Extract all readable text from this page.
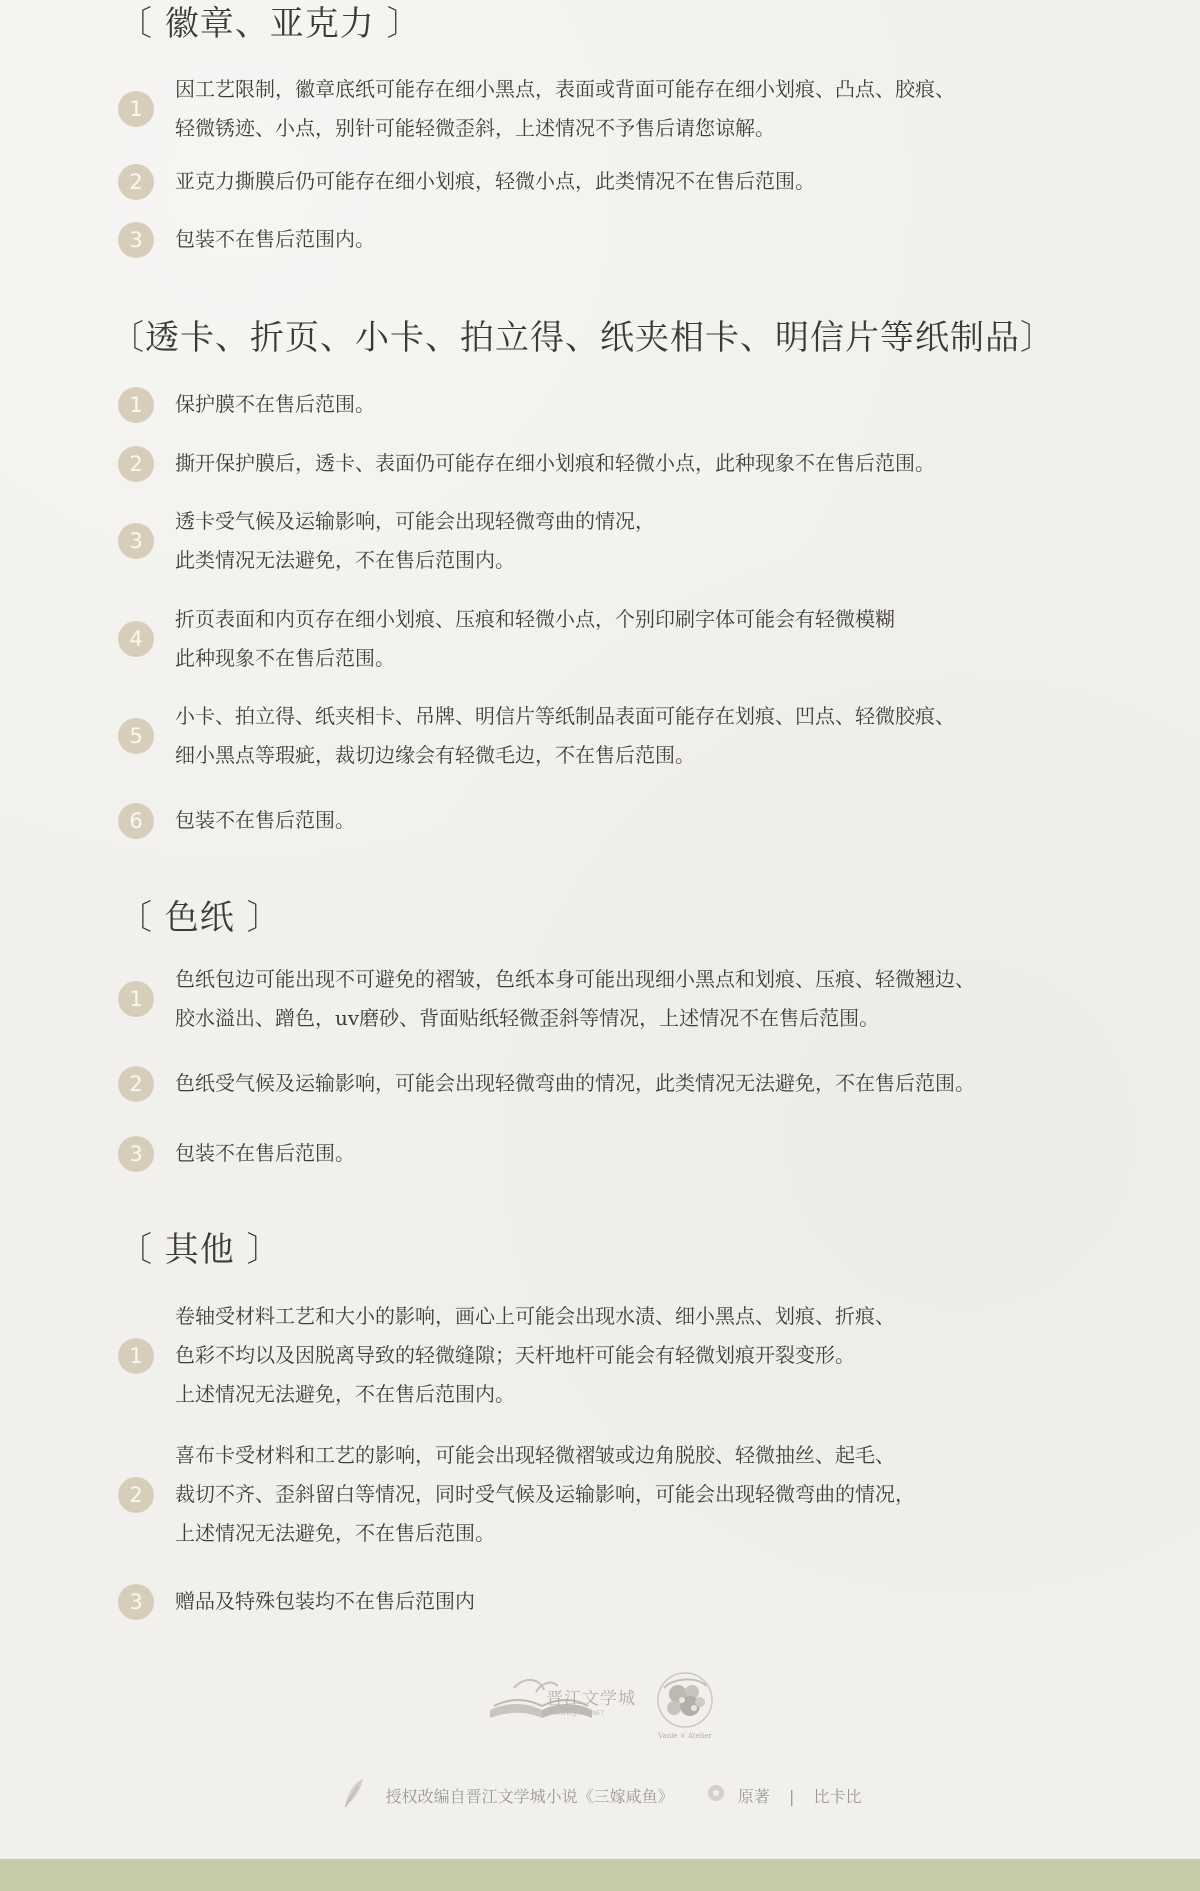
〔 徽章、亚克力 〕
1
因工艺限制，徽章底纸可能存在细小黑点，表面或背面可能存在细小划痕、凸点、胶痕、
轻微锈迹、小点，别针可能轻微歪斜，上述情况不予售后请您谅解。
2	亚克力撕膜后仍可能存在细小划痕，轻微小点，此类情况不在售后范围。
3	包装不在售后范围内。
〔透卡、折页、小卡、拍立得、纸夹相卡、明信片等纸制品〕
1	保护膜不在售后范围。
2	撕开保护膜后，透卡、表面仍可能存在细小划痕和轻微小点，此种现象不在售后范围。
3
透卡受气候及运输影响，可能会出现轻微弯曲的情况，
此类情况无法避免，不在售后范围内。
4
折页表面和内页存在细小划痕、压痕和轻微小点，个别印刷字体可能会有轻微模糊
此种现象不在售后范围。
5
小卡、拍立得、纸夹相卡、吊牌、明信片等纸制品表面可能存在划痕、凹点、轻微胶痕、
细小黑点等瑕疵，裁切边缘会有轻微毛边，不在售后范围。
6	包装不在售后范围。
〔 色纸 〕
1
色纸包边可能出现不可避免的褶皱，色纸本身可能出现细小黑点和划痕、压痕、轻微翘边、
胶水溢出、蹭色，uv磨砂、背面贴纸轻微歪斜等情况，上述情况不在售后范围。
2	色纸受气候及运输影响，可能会出现轻微弯曲的情况，此类情况无法避免，不在售后范围。
3	包装不在售后范围。
〔 其他 〕
1
卷轴受材料工艺和大小的影响，画心上可能会出现水渍、细小黑点、划痕、折痕、
色彩不均以及因脱离导致的轻微缝隙；天杆地杆可能会有轻微划痕开裂变形。
上述情况无法避免，不在售后范围内。
2
喜布卡受材料和工艺的影响，可能会出现轻微褶皱或边角脱胶、轻微抽丝、起毛、
裁切不齐、歪斜留白等情况，同时受气候及运输影响，可能会出现轻微弯曲的情况，
上述情况无法避免，不在售后范围。
3	赠品及特殊包装均不在售后范围内
晋江文学城
WWW.JJWXC.NET
Vanie × Atelier
授权改编自晋江文学城小说《三嫁咸鱼》	原著 | 比卡比
